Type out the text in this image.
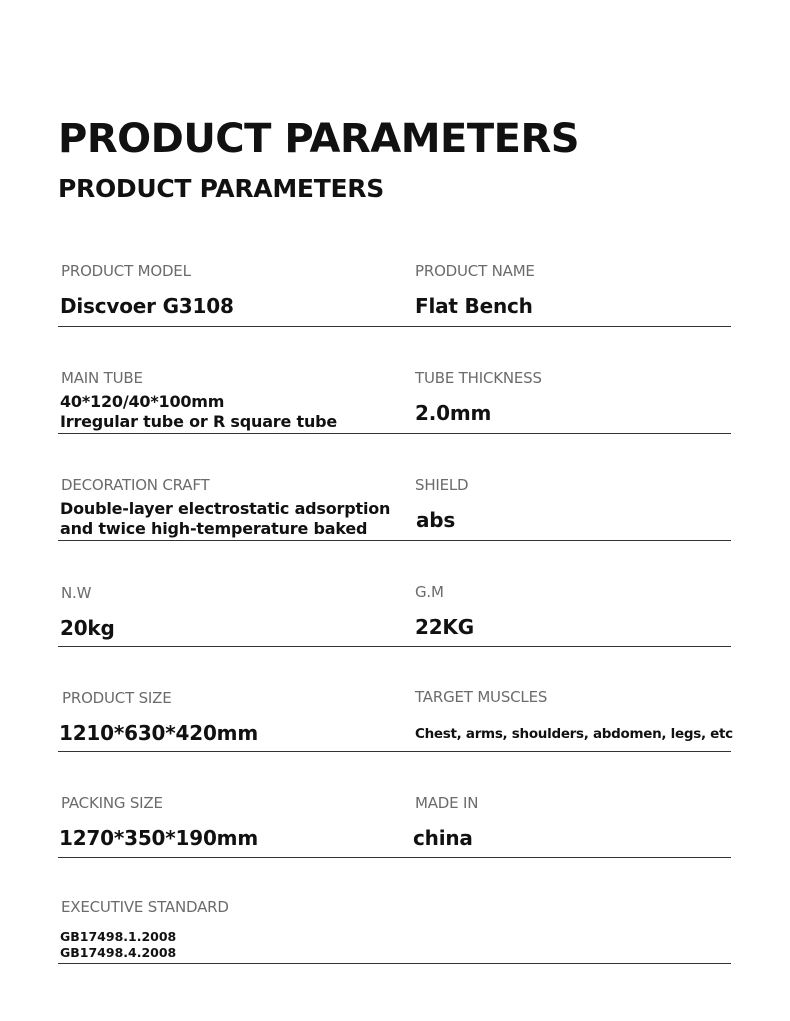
PRODUCT PARAMETERS
PRODUCT PARAMETERS
PRODUCT MODEL
Discvoer G3108
PRODUCT NAME
Flat Bench
MAIN TUBE
40*120/40*100mm
Irregular tube or R square tube
TUBE THICKNESS
2.0mm
DECORATION CRAFT
Double-layer electrostatic adsorption
and twice high-temperature baked
SHIELD
abs
N.W
20kg
G.M
22KG
PRODUCT SIZE
1210*630*420mm
TARGET MUSCLES
Chest, arms, shoulders, abdomen, legs, etc
PACKING SIZE
1270*350*190mm
MADE IN
china
EXECUTIVE STANDARD
GB17498.1.2008
GB17498.4.2008
